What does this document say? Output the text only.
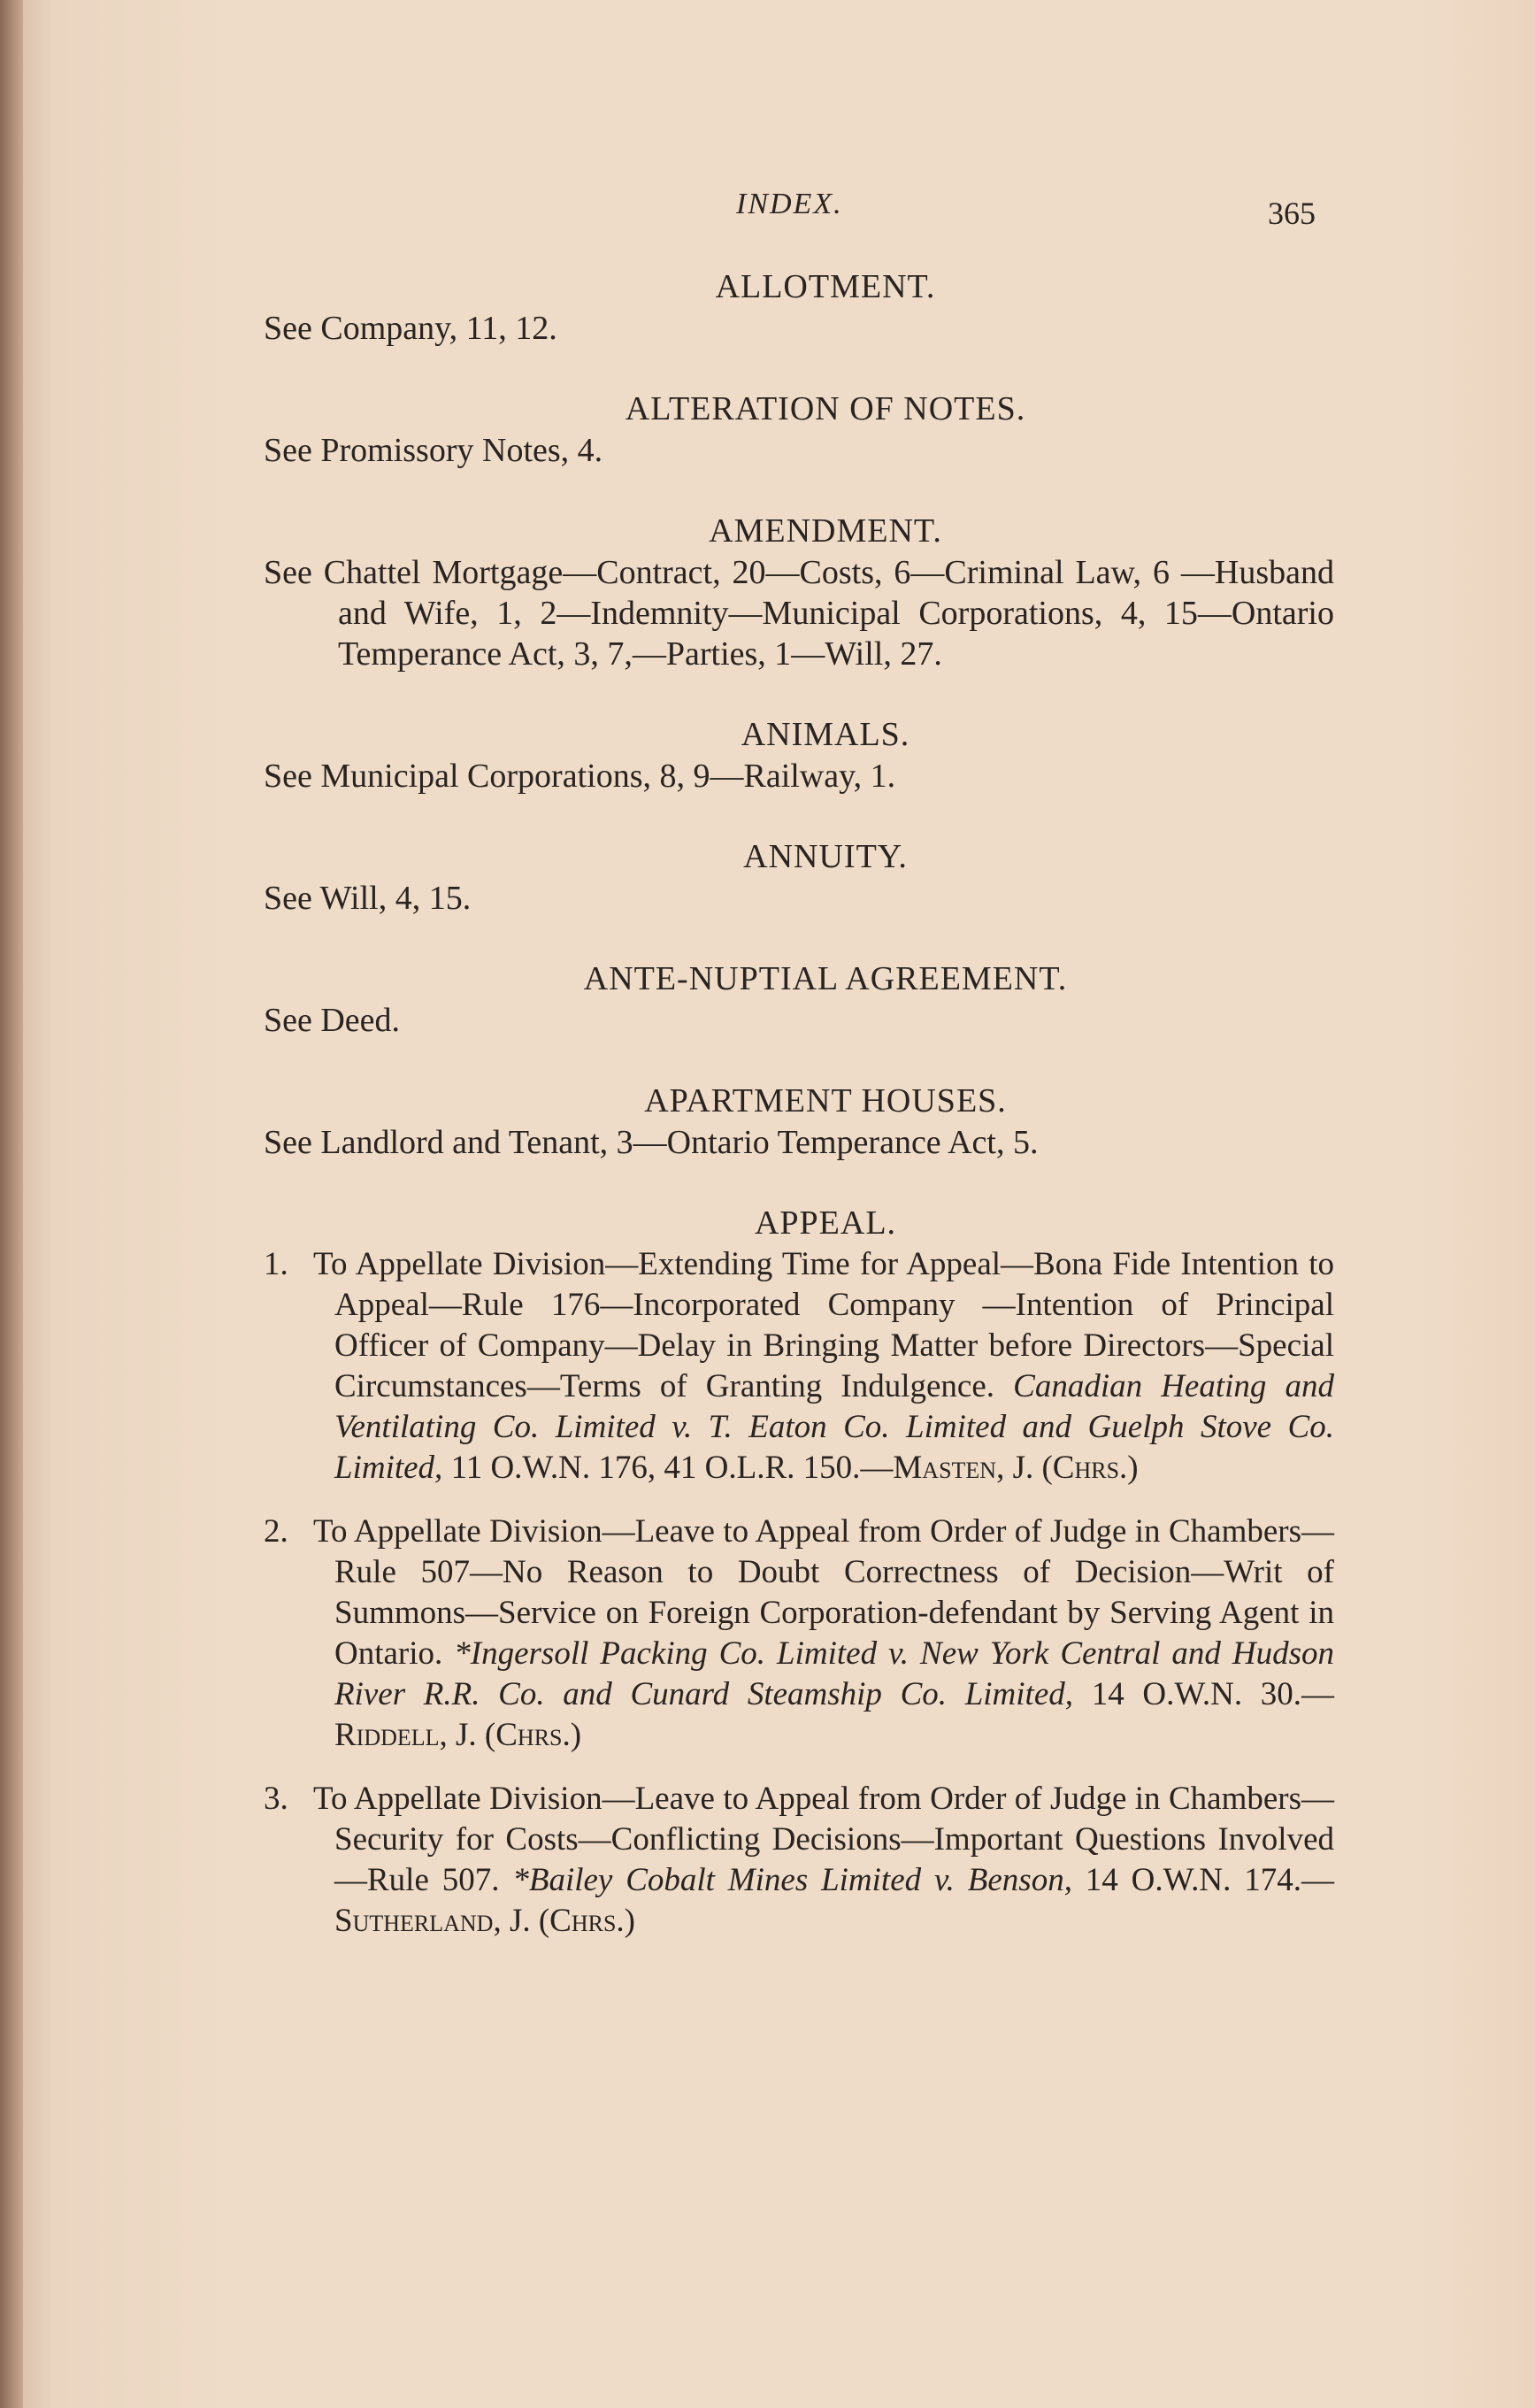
INDEX.	365
ALLOTMENT.
See Company, 11, 12.
ALTERATION OF NOTES.
See Promissory Notes, 4.
AMENDMENT.
See Chattel Mortgage—Contract, 20—Costs, 6—Criminal Law, 6 —Husband and Wife, 1, 2—Indemnity—Municipal Corporations, 4, 15—Ontario Temperance Act, 3, 7,—Parties, 1—Will, 27.
ANIMALS.
See Municipal Corporations, 8, 9—Railway, 1.
ANNUITY.
See Will, 4, 15.
ANTE-NUPTIAL AGREEMENT.
See Deed.
APARTMENT HOUSES.
See Landlord and Tenant, 3—Ontario Temperance Act, 5.
APPEAL.
1. To Appellate Division—Extending Time for Appeal—Bona Fide Intention to Appeal—Rule 176—Incorporated Company —Intention of Principal Officer of Company—Delay in Bringing Matter before Directors—Special Circumstances—Terms of Granting Indulgence. Canadian Heating and Ventilating Co. Limited v. T. Eaton Co. Limited and Guelph Stove Co. Limited, 11 O.W.N. 176, 41 O.L.R. 150.—Masten, J. (Chrs.)
2. To Appellate Division—Leave to Appeal from Order of Judge in Chambers—Rule 507—No Reason to Doubt Correctness of Decision—Writ of Summons—Service on Foreign Corporation-defendant by Serving Agent in Ontario. *Ingersoll Packing Co. Limited v. New York Central and Hudson River R.R. Co. and Cunard Steamship Co. Limited, 14 O.W.N. 30.—Riddell, J. (Chrs.)
3. To Appellate Division—Leave to Appeal from Order of Judge in Chambers—Security for Costs—Conflicting Decisions—Important Questions Involved—Rule 507. *Bailey Cobalt Mines Limited v. Benson, 14 O.W.N. 174.—Sutherland, J. (Chrs.)
